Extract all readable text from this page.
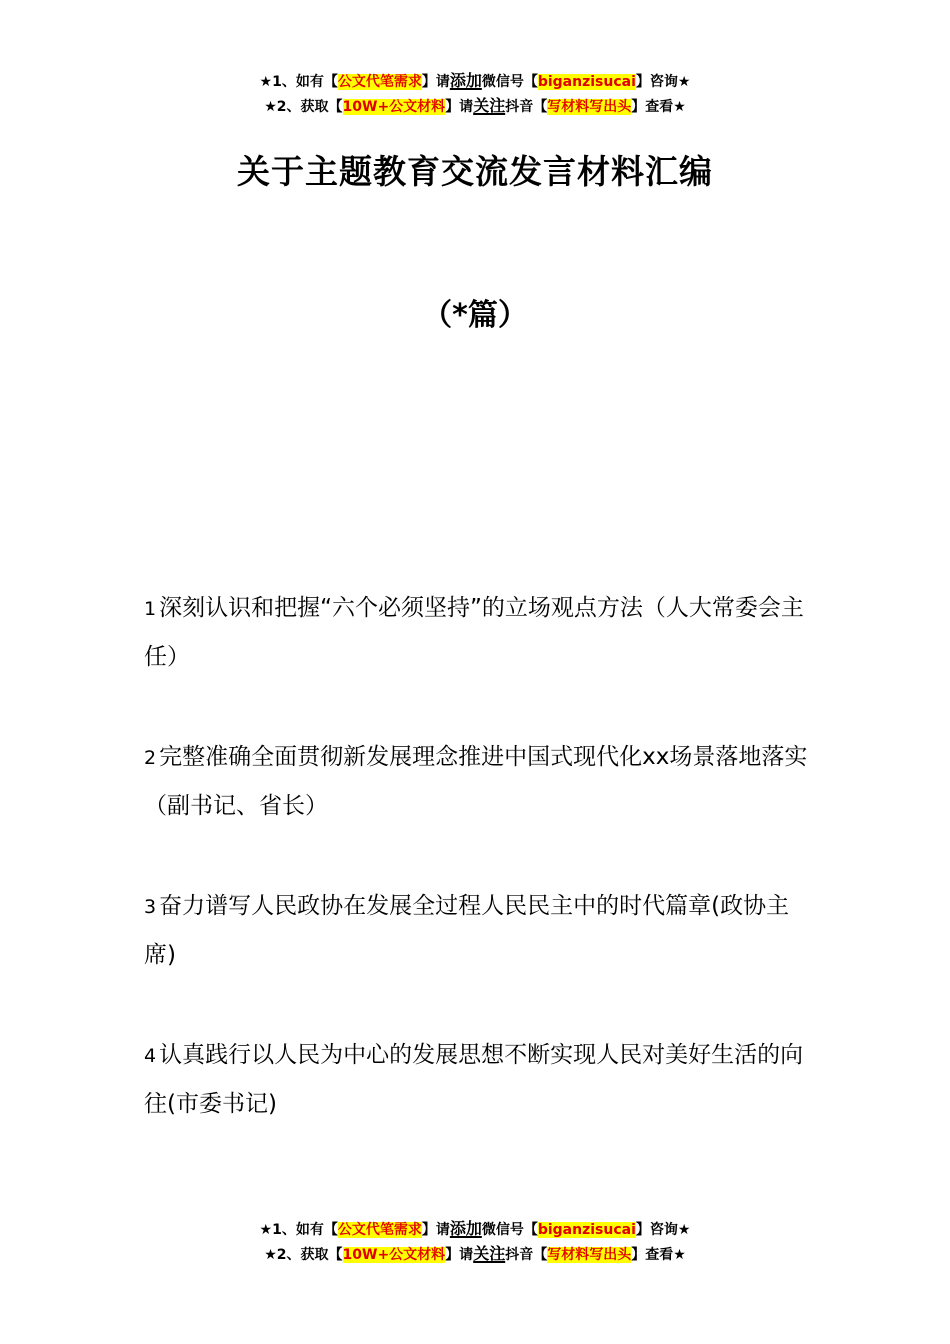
★1、如有【公文代笔需求】请添加微信号【biganzisucai】咨询★
★2、获取【10W+公文材料】请关注抖音【写材料写出头】查看★
关于主题教育交流发言材料汇编
（*篇）
1 深刻认识和把握“六个必须坚持”的立场观点方法（人大常委会主任）
2 完整准确全面贯彻新发展理念推进中国式现代化xx场景落地落实（副书记、省长）
3 奋力谱写人民政协在发展全过程人民民主中的时代篇章(政协主席)
4 认真践行以人民为中心的发展思想不断实现人民对美好生活的向往(市委书记)
★1、如有【公文代笔需求】请添加微信号【biganzisucai】咨询★
★2、获取【10W+公文材料】请关注抖音【写材料写出头】查看★
